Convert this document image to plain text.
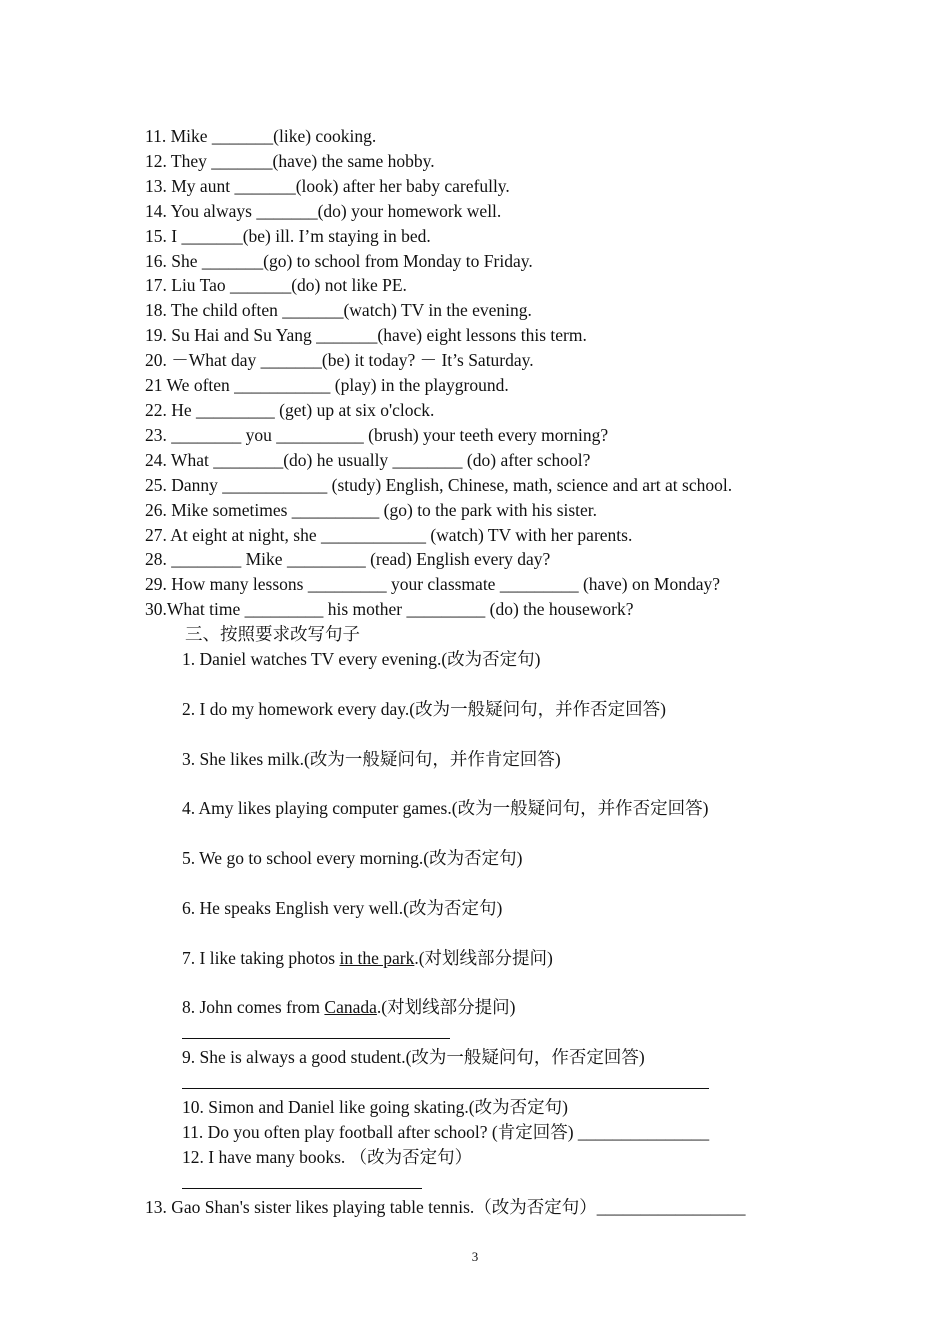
11. Mike _______(like) cooking.
12. They _______(have) the same hobby.
13. My aunt _______(look) after her baby carefully.
14. You always _______(do) your homework well.
15. I _______(be) ill. I’m staying in bed.
16. She _______(go) to school from Monday to Friday.
17. Liu Tao _______(do) not like PE.
18. The child often _______(watch) TV in the evening.
19. Su Hai and Su Yang _______(have) eight lessons this term.
20. －What day _______(be) it today? － It’s Saturday.
21 We often ___________ (play) in the playground.
22. He _________ (get) up at six o'clock.
23. ________ you __________ (brush) your teeth every morning?
24. What ________(do) he usually ________ (do) after school?
25. Danny ____________ (study) English, Chinese, math, science and art at school.
26. Mike sometimes __________ (go) to the park with his sister.
27. At eight at night, she ____________ (watch) TV with her parents.
28. ________ Mike _________ (read) English every day?
29. How many lessons _________ your classmate _________ (have) on Monday?
30.What time _________ his mother _________ (do) the housework?
三、按照要求改写句子
1. Daniel watches TV every evening.(改为否定句)
2. I do my homework every day.(改为一般疑问句，并作否定回答)
3. She likes milk.(改为一般疑问句，并作肯定回答)
4. Amy likes playing computer games.(改为一般疑问句，并作否定回答)
5. We go to school every morning.(改为否定句)
6. He speaks English very well.(改为否定句)
7. I like taking photos in the park.(对划线部分提问)
8. John comes from Canada.(对划线部分提问)
9. She is always a good student.(改为一般疑问句，作否定回答)
10. Simon and Daniel like going skating.(改为否定句)
11. Do you often play football after school? (肯定回答) _______________
12. I have many books. （改为否定句）
13. Gao Shan's sister likes playing table tennis.（改为否定句）_________________
3
